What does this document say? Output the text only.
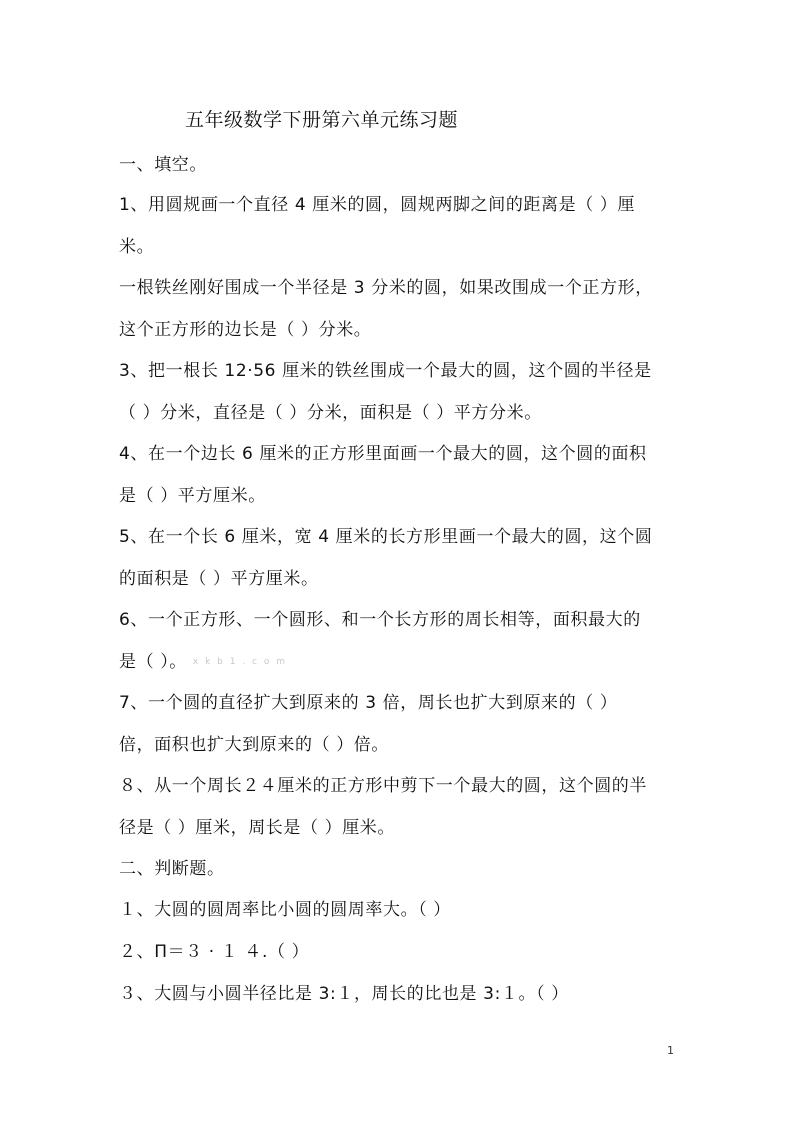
五年级数学下册第六单元练习题
一、填空。
1、用圆规画一个直径 4 厘米的圆，圆规两脚之间的距离是（ ）厘
米。
一根铁丝刚好围成一个半径是 3 分米的圆，如果改围成一个正方形，
这个正方形的边长是（ ）分米。
3、把一根长 12·56 厘米的铁丝围成一个最大的圆，这个圆的半径是
（ ）分米，直径是（ ）分米，面积是（ ）平方分米。
4、在一个边长 6 厘米的正方形里面画一个最大的圆，这个圆的面积
是（ ）平方厘米。
5、在一个长 6 厘米，宽 4 厘米的长方形里画一个最大的圆，这个圆
的面积是（ ）平方厘米。
6、一个正方形、一个圆形、和一个长方形的周长相等，面积最大的
是（ ）。 x k b 1 . c o m
7、一个圆的直径扩大到原来的 3 倍，周长也扩大到原来的（ ）
倍，面积也扩大到原来的（ ）倍。
８、从一个周长２４厘米的正方形中剪下一个最大的圆，这个圆的半
径是（ ）厘米，周长是（ ）厘米。
二、判断题。
１、大圆的圆周率比小圆的圆周率大。（ ）
２、Π＝３ · １ ４.（ ）
３、大圆与小圆半径比是 3:１，周长的比也是 3:１。（ ）
1
